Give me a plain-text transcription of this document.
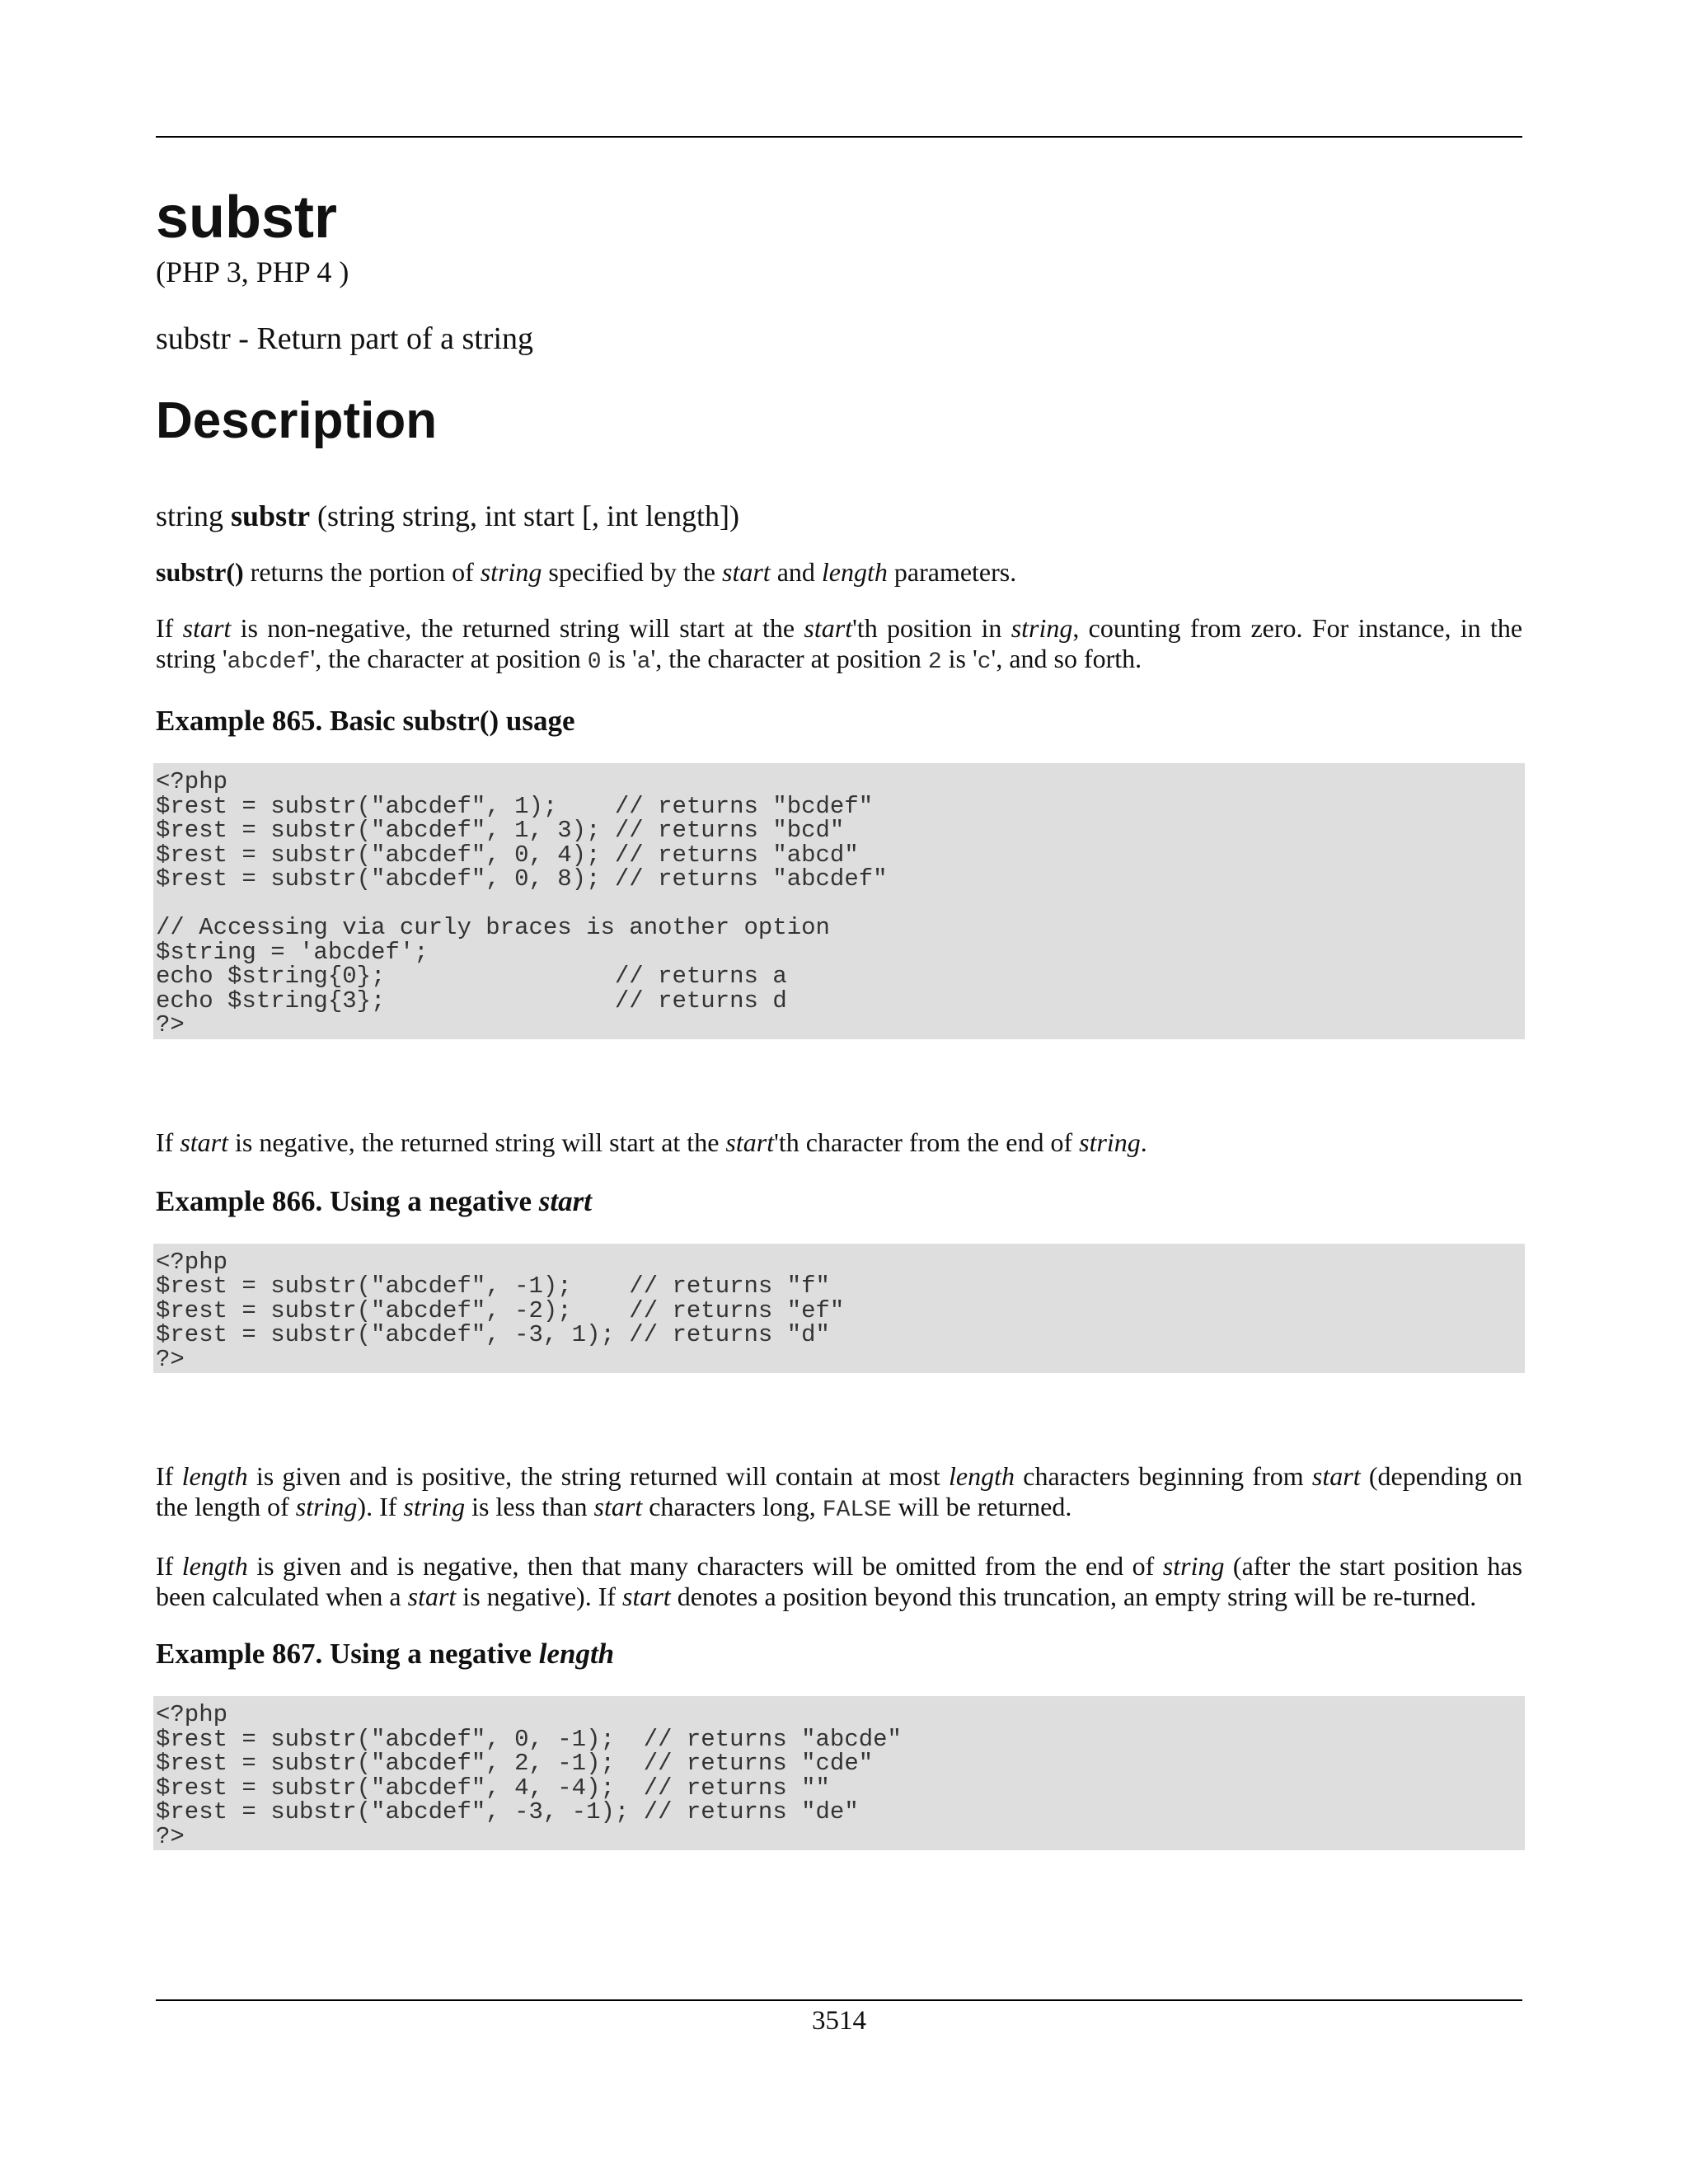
substr
(PHP 3, PHP 4 )
substr - Return part of a string
Description
string substr (string string, int start [, int length])

substr() returns the portion of string specified by the start and length parameters.

If start is non-negative, the returned string will start at the start'th position in string, counting from zero. For instance, in the string 'abcdef', the character at position 0 is 'a', the character at position 2 is 'c', and so forth.

Example 865. Basic substr() usage
<?php
$rest = substr("abcdef", 1);    // returns "bcdef"
$rest = substr("abcdef", 1, 3); // returns "bcd"
$rest = substr("abcdef", 0, 4); // returns "abcd"
$rest = substr("abcdef", 0, 8); // returns "abcdef"

// Accessing via curly braces is another option
$string = 'abcdef';
echo $string{0};                // returns a
echo $string{3};                // returns d
?>

If start is negative, the returned string will start at the start'th character from the end of string.

Example 866. Using a negative start
<?php
$rest = substr("abcdef", -1);    // returns "f"
$rest = substr("abcdef", -2);    // returns "ef"
$rest = substr("abcdef", -3, 1); // returns "d"
?>

If length is given and is positive, the string returned will contain at most length characters beginning from start (depending on the length of string). If string is less than start characters long, FALSE will be returned.

If length is given and is negative, then that many characters will be omitted from the end of string (after the start position has been calculated when a start is negative). If start denotes a position beyond this truncation, an empty string will be re-turned.

Example 867. Using a negative length
<?php
$rest = substr("abcdef", 0, -1);  // returns "abcde"
$rest = substr("abcdef", 2, -1);  // returns "cde"
$rest = substr("abcdef", 4, -4);  // returns ""
$rest = substr("abcdef", -3, -1); // returns "de"
?>
3514
